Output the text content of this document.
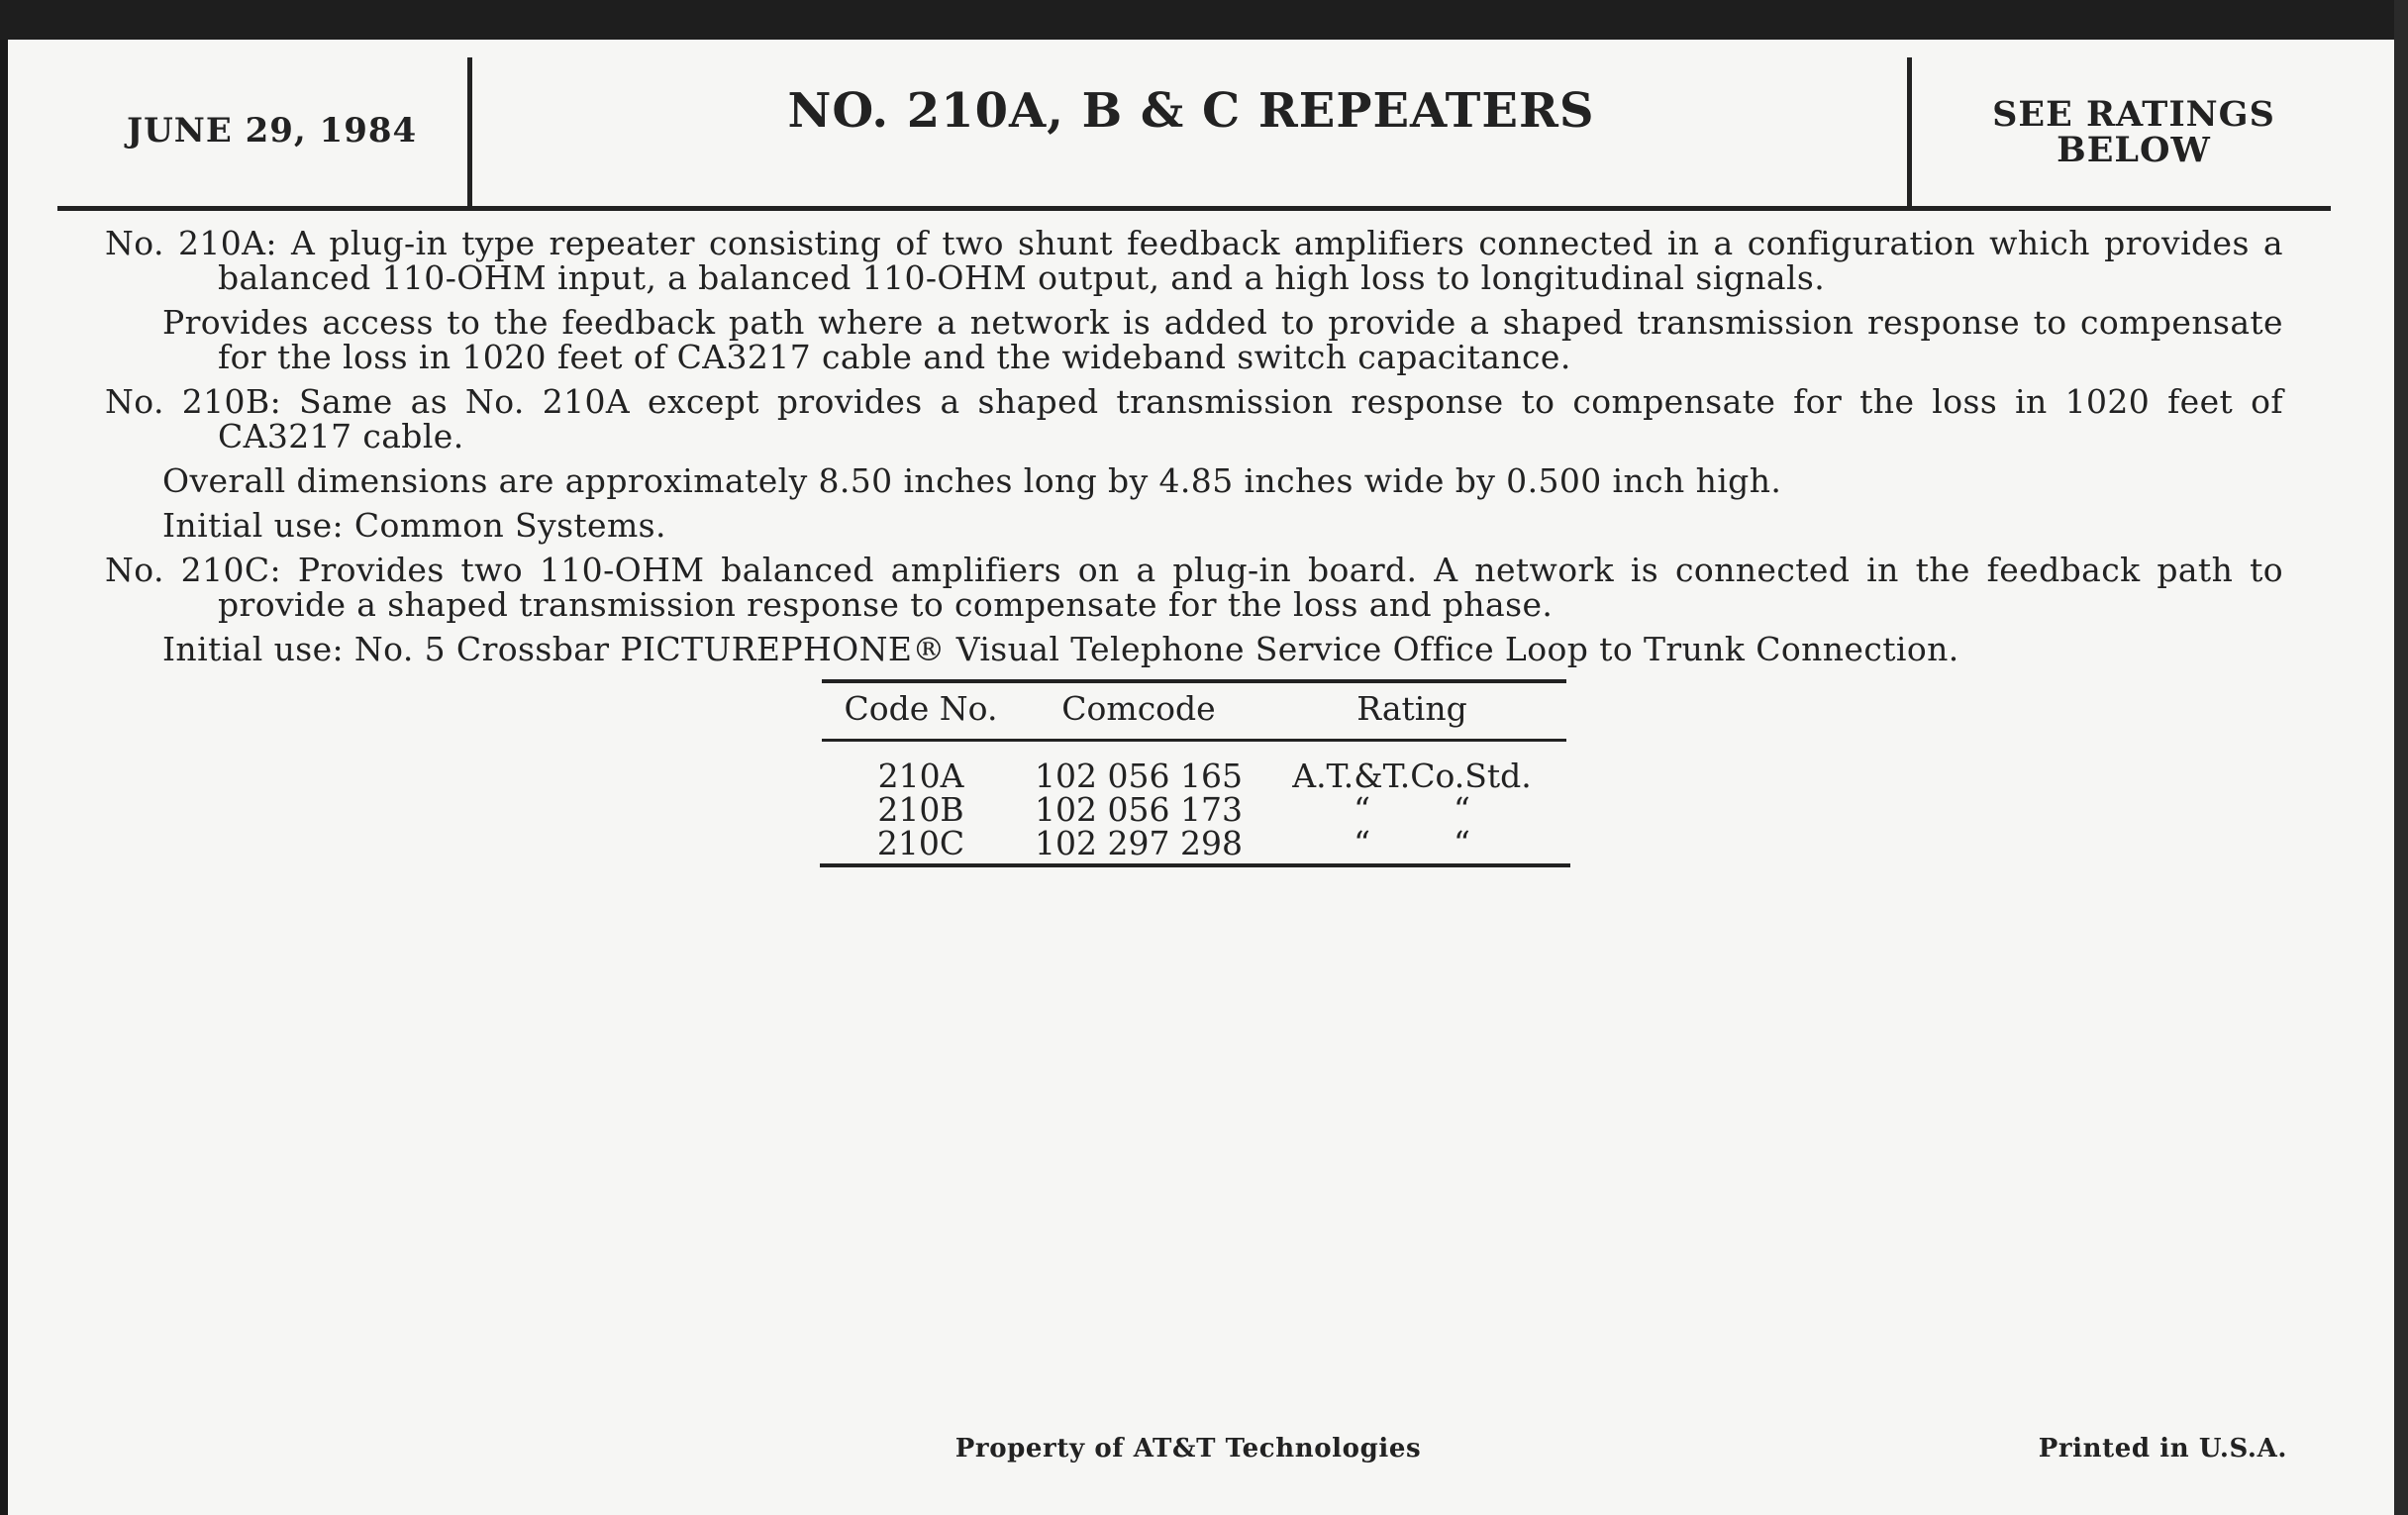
JUNE 29, 1984	NO. 210A, B & C REPEATERS	SEE RATINGS
BELOW

No. 210A: A plug-in type repeater consisting of two shunt feedback amplifiers connected in a configuration which provides a balanced 110-OHM input, a balanced 110-OHM output, and a high loss to longitudinal signals.

Provides access to the feedback path where a network is added to provide a shaped transmission response to compensate for the loss in 1020 feet of CA3217 cable and the wideband switch capacitance.

No. 210B: Same as No. 210A except provides a shaped transmission response to compensate for the loss in 1020 feet of CA3217 cable.

Overall dimensions are approximately 8.50 inches long by 4.85 inches wide by 0.500 inch high.

Initial use: Common Systems.

No. 210C: Provides two 110-OHM balanced amplifiers on a plug-in board. A network is connected in the feedback path to provide a shaped transmission response to compensate for the loss and phase.

Initial use: No. 5 Crossbar PICTUREPHONE® Visual Telephone Service Office Loop to Trunk Connection.

Code No.	Comcode	Rating

210A	102 056 165	A.T.&T.Co.Std.
210B	102 056 173	“        “
210C	102 297 298	“        “
Property of AT&T Technologies	Printed in U.S.A.
